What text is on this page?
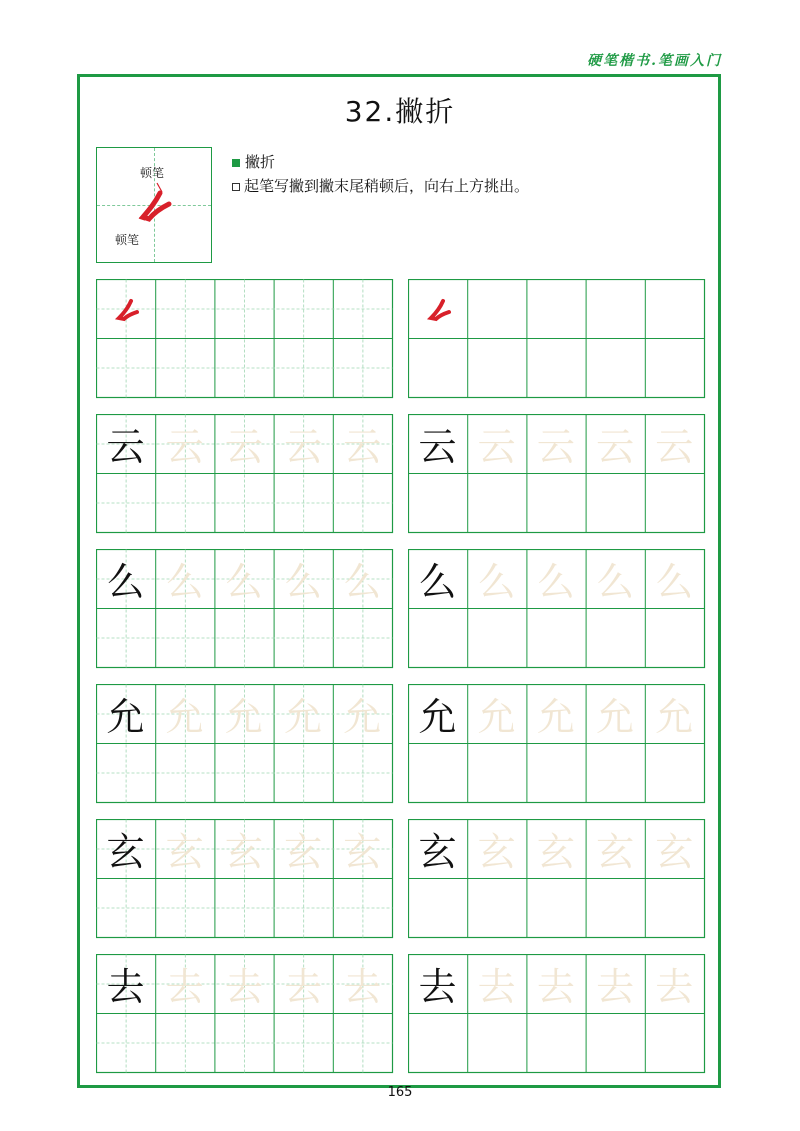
硬笔楷书.笔画入门
32.撇折
顿笔
顿笔
撇折
起笔写撇到撇末尾稍顿后，向右上方挑出。
云 云 云 云 云 云 云 云 云 云
么 么 么 么 么 么 么 么 么 么
允 允 允 允 允 允 允 允 允 允
玄 玄 玄 玄 玄 玄 玄 玄 玄 玄
去 去 去 去 去 去 去 去 去 去
165
